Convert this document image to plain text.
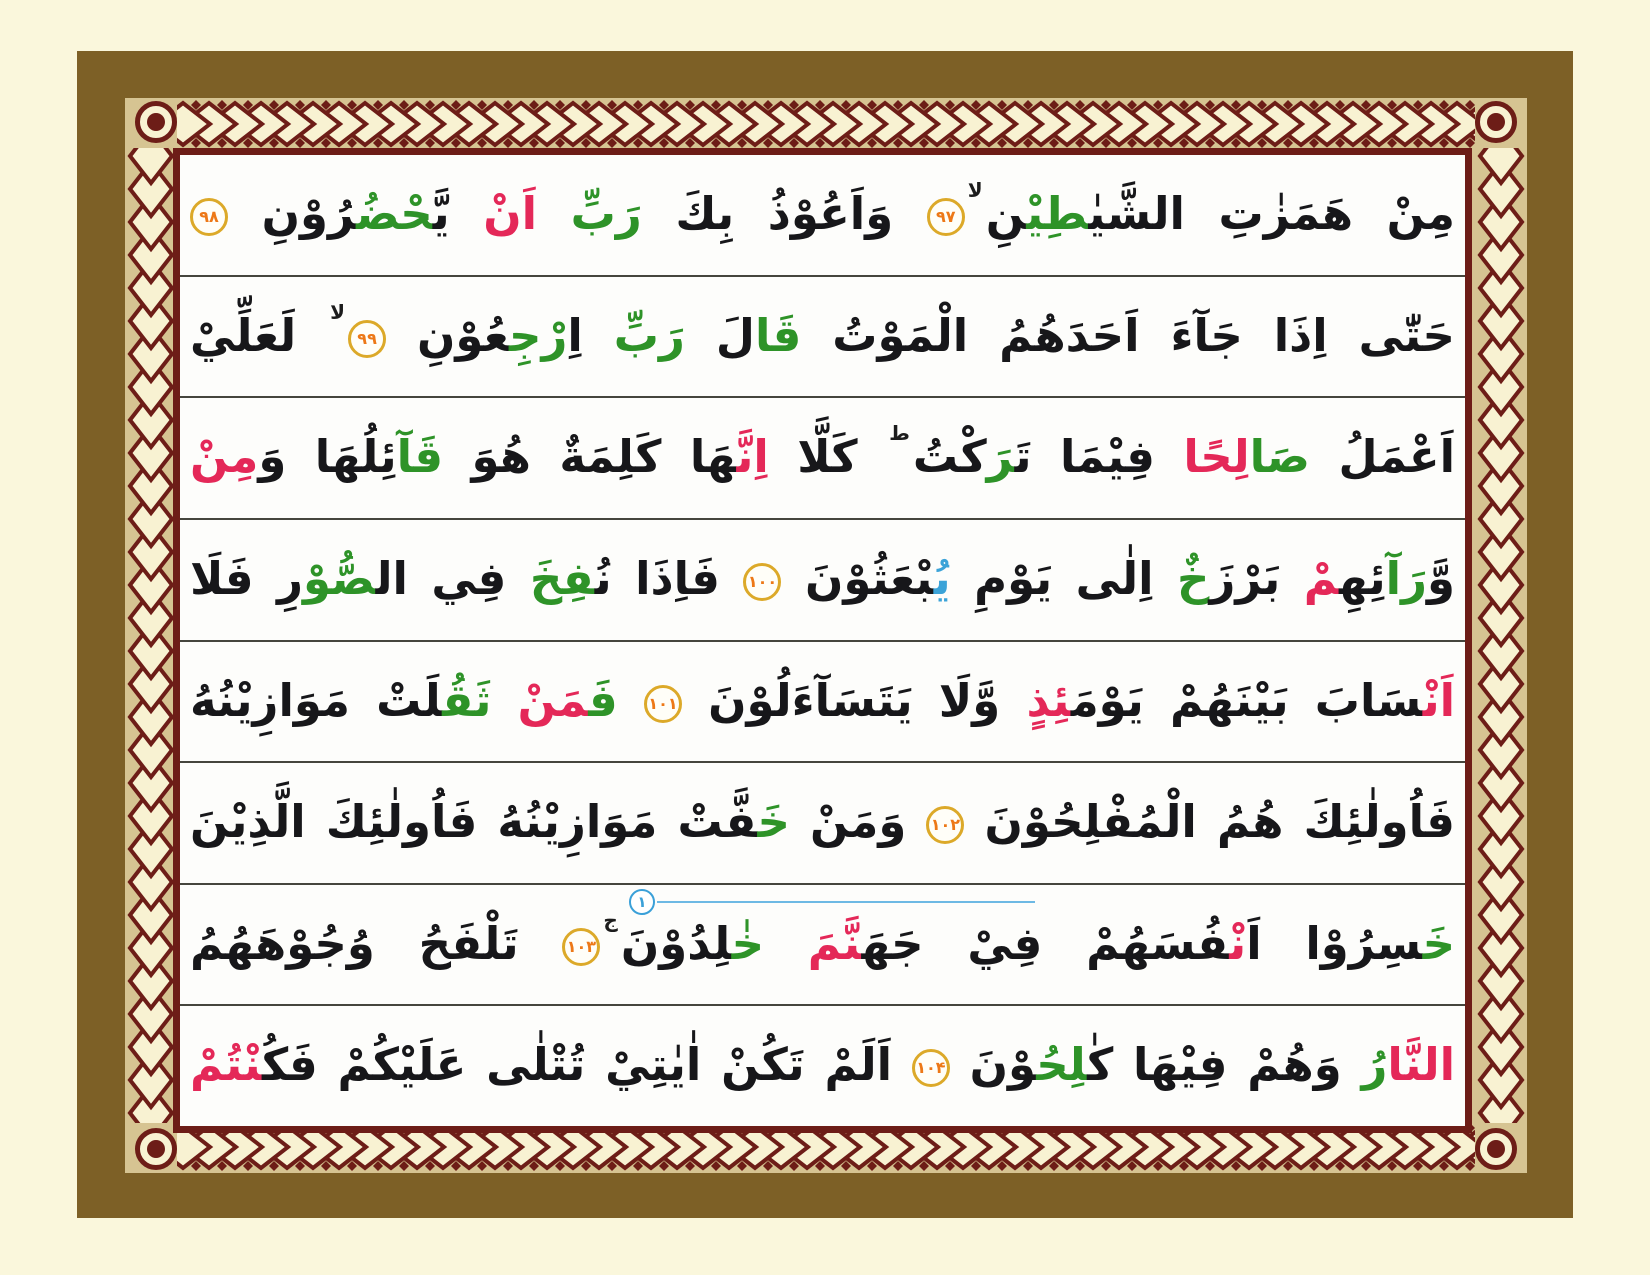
مِنْ هَمَزٰتِ الشَّيٰ‍‍طِيْ‍‍نِلا۹۷ وَاَعُوْذُ بِكَ رَبِّ اَنْ يَّ‍‍حْضُ‍‍رُوْنِ ۹۸
حَتّٰى اِذَا جَآءَ اَحَدَهُمُ الْمَوْتُ قَالَ رَبِّ اِرْجِ‍‍عُوْنِ ۹۹لا لَعَلِّيْ
اَعْمَلُ صَالِحًا فِيْمَا تَ‍‍رَكْتُط كَلَّا اِنَّ‍‍هَا كَلِمَةٌ هُوَ قَآئِلُهَا وَمِنْ
وَّرَآئِهِ‍‍مْ بَرْزَخٌ اِلٰى يَوْمِ يُ‍‍بْعَثُوْنَ ۱۰۰ فَاِذَا نُ‍‍فِخَ فِي ال‍‍صُّوْرِ فَلَا
اَنْ‍‍سَابَ بَيْنَهُمْ يَوْمَ‍‍ئِذٍ وَّلَا يَتَسَآءَلُوْنَ ۱۰۱ فَ‍‍مَنْ ثَقُ‍‍لَتْ مَوَازِيْنُهُ
فَاُولٰئِكَ هُمُ الْمُفْلِحُوْنَ ۱۰۲ وَمَنْ خَ‍‍فَّتْ مَوَازِيْنُهُ فَاُولٰئِكَ الَّذِيْنَ
خَ‍‍سِرُوْا اَنْ‍‍فُسَهُمْ فِيْ جَهَ‍‍نَّمَ خٰ‍‍لِدُوْنَج۱۰۳ تَلْفَحُ وُجُوْهَهُمُ
۱
النَّارُ وَهُمْ فِيْهَا كٰ‍‍لِحُ‍‍وْنَ ۱۰۴ اَلَمْ تَكُنْ اٰيٰتِيْ تُتْلٰى عَلَيْكُمْ فَكُ‍‍نْتُمْ
